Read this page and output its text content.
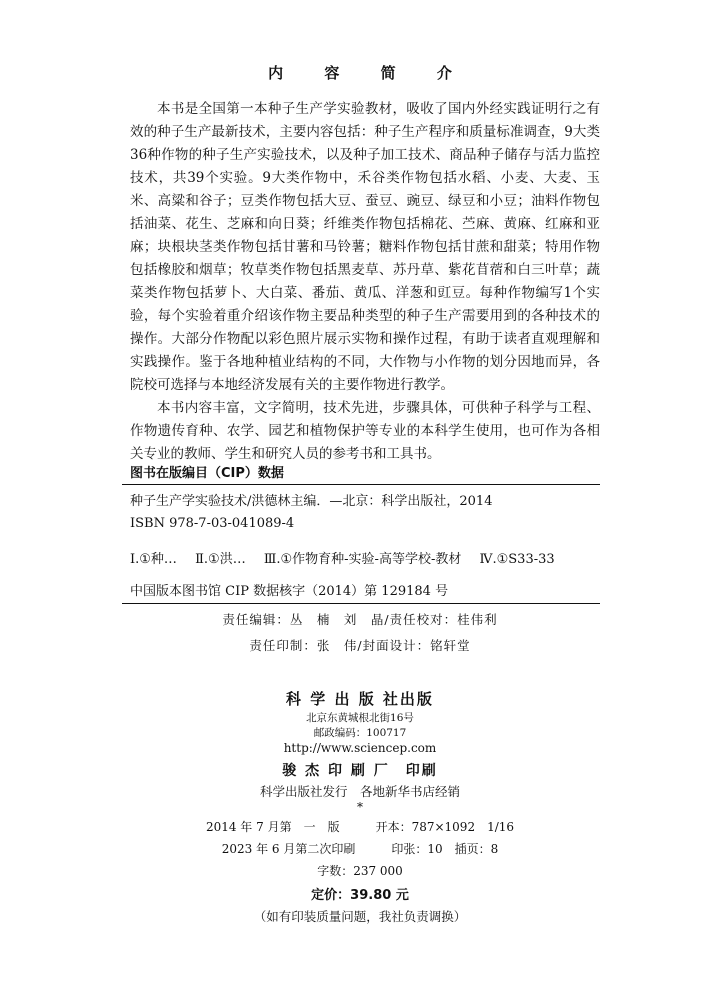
内 容 简 介

本书是全国第一本种子生产学实验教材，吸收了国内外经实践证明行之有效的种子生产最新技术，主要内容包括：种子生产程序和质量标准调查，9大类36种作物的种子生产实验技术，以及种子加工技术、商品种子储存与活力监控技术，共39个实验。9大类作物中，禾谷类作物包括水稻、小麦、大麦、玉米、高粱和谷子；豆类作物包括大豆、蚕豆、豌豆、绿豆和小豆；油料作物包括油菜、花生、芝麻和向日葵；纤维类作物包括棉花、苎麻、黄麻、红麻和亚麻；块根块茎类作物包括甘薯和马铃薯；糖料作物包括甘蔗和甜菜；特用作物包括橡胶和烟草；牧草类作物包括黑麦草、苏丹草、紫花苜蓿和白三叶草；蔬菜类作物包括萝卜、大白菜、番茄、黄瓜、洋葱和豇豆。每种作物编写1个实验，每个实验着重介绍该作物主要品种类型的种子生产需要用到的各种技术的操作。大部分作物配以彩色照片展示实物和操作过程，有助于读者直观理解和实践操作。鉴于各地种植业结构的不同，大作物与小作物的划分因地而异，各院校可选择与本地经济发展有关的主要作物进行教学。

本书内容丰富，文字简明，技术先进，步骤具体，可供种子科学与工程、作物遗传育种、农学、园艺和植物保护等专业的本科学生使用，也可作为各相关专业的教师、学生和研究人员的参考书和工具书。

图书在版编目（CIP）数据
种子生产学实验技术/洪德林主编．—北京：科学出版社，2014
ISBN 978-7-03-041089-4
Ⅰ.①种… Ⅱ.①洪… Ⅲ.①作物育种-实验-高等学校-教材 Ⅳ.①S33-33
中国版本图书馆 CIP 数据核字（2014）第 129184 号
责任编辑：丛　楠　刘　晶/责任校对：桂伟利
责任印制：张　伟/封面设计：铭轩堂
科 学 出 版 社出版
北京东黄城根北街16号
邮政编码：100717
http://www.sciencep.com
骏 杰 印 刷 厂　印刷
科学出版社发行　各地新华书店经销
*
2014 年 7 月第　一　版	开本：787×1092　1/16
2023 年 6 月第二次印刷	印张：10　插页：8
字数：237 000
定价：39.80 元
（如有印装质量问题，我社负责调换）
